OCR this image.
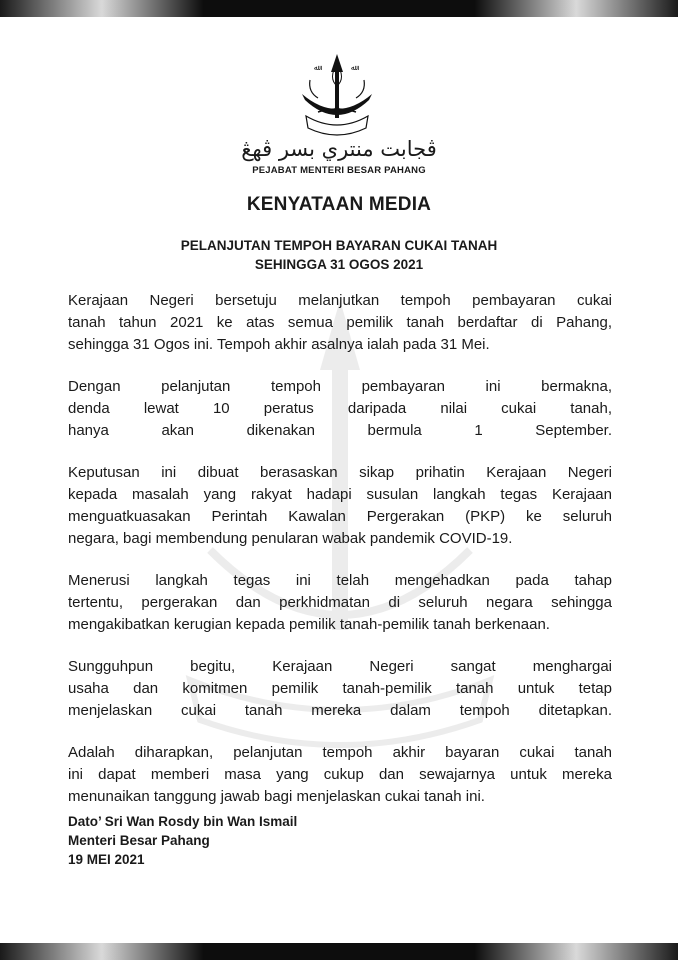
ﷲ	ﷲ
ڤجابت منتري بسر ڤهڠ
PEJABAT MENTERI BESAR PAHANG
KENYATAAN MEDIA
PELANJUTAN TEMPOH BAYARAN CUKAI TANAH
SEHINGGA 31 OGOS 2021
Kerajaan Negeri bersetuju melanjutkan tempoh pembayaran cukai
tanah tahun 2021 ke atas semua pemilik tanah berdaftar di Pahang,
sehingga 31 Ogos ini. Tempoh akhir asalnya ialah pada 31 Mei.
Dengan pelanjutan tempoh pembayaran ini bermakna,
denda lewat 10 peratus daripada nilai cukai tanah,
hanya akan dikenakan bermula 1 September.
Keputusan ini dibuat berasaskan sikap prihatin Kerajaan Negeri
kepada masalah yang rakyat hadapi susulan langkah tegas Kerajaan
menguatkuasakan Perintah Kawalan Pergerakan (PKP) ke seluruh
negara, bagi membendung penularan wabak pandemik COVID-19.
Menerusi langkah tegas ini telah mengehadkan pada tahap
tertentu, pergerakan dan perkhidmatan di seluruh negara sehingga
mengakibatkan kerugian kepada pemilik tanah-pemilik tanah berkenaan.
Sungguhpun begitu, Kerajaan Negeri sangat menghargai
usaha dan komitmen pemilik tanah-pemilik tanah untuk tetap
menjelaskan cukai tanah mereka dalam tempoh ditetapkan.
Adalah diharapkan, pelanjutan tempoh akhir bayaran cukai tanah
ini dapat memberi masa yang cukup dan sewajarnya untuk mereka
menunaikan tanggung jawab bagi menjelaskan cukai tanah ini.
Dato’ Sri Wan Rosdy bin Wan Ismail
Menteri Besar Pahang
19 MEI 2021
